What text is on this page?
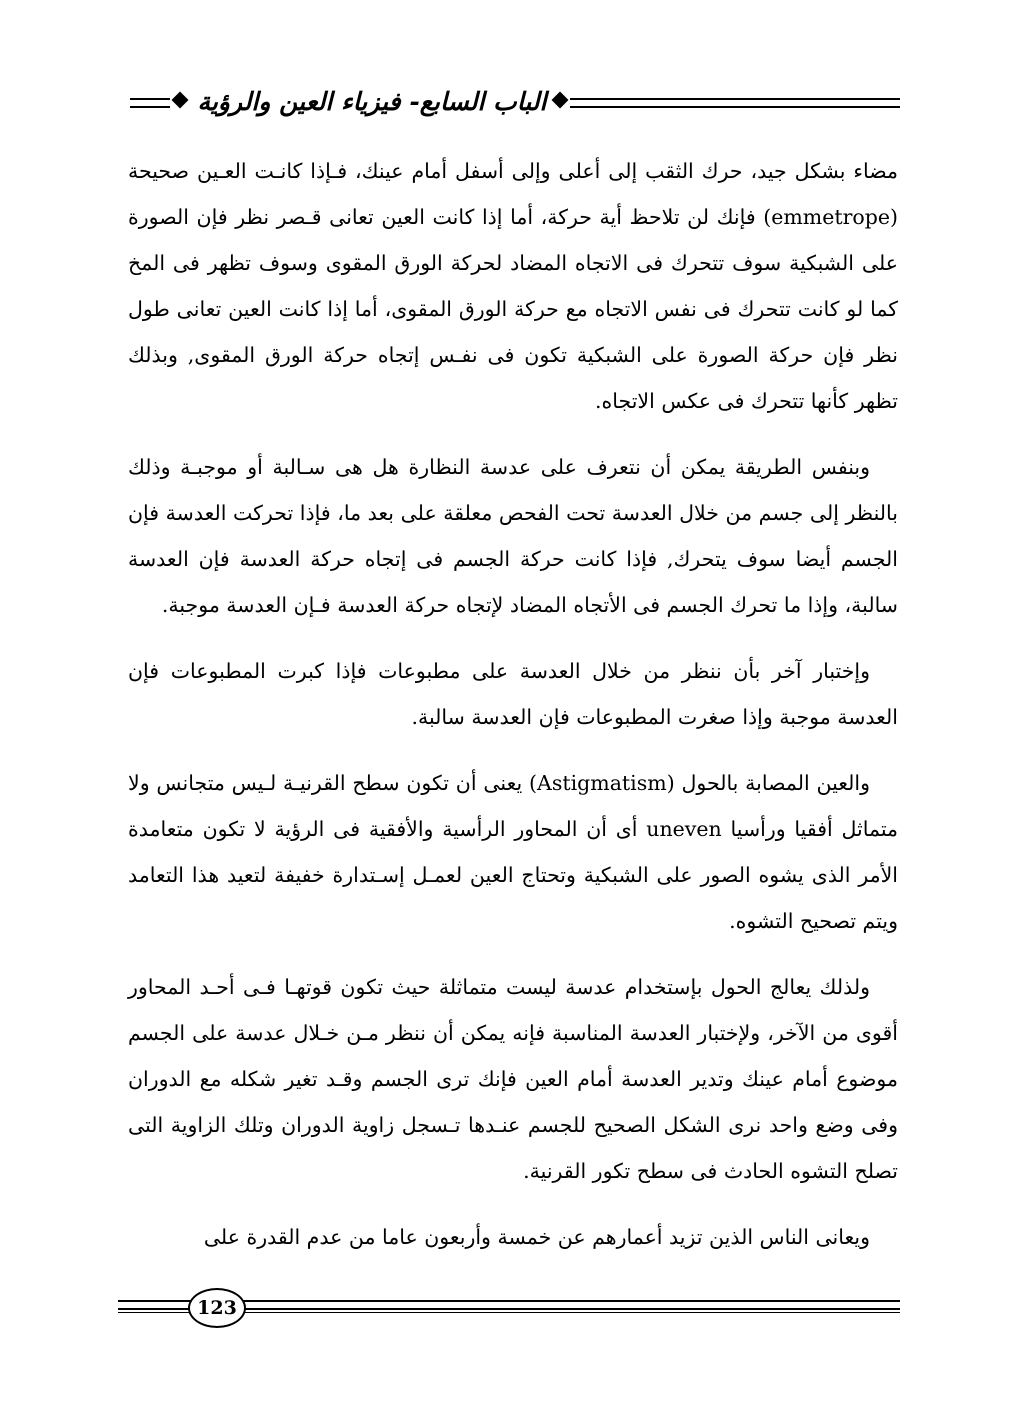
الباب السابع- فيزياء العين والرؤية

مضاء بشكل جيد، حرك الثقب إلى أعلى وإلى أسفل أمام عينك، فـإذا كانـت العـين صحيحة (emmetrope) فإنك لن تلاحظ أية حركة، أما إذا كانت العين تعانى قـصر نظر فإن الصورة على الشبكية سوف تتحرك فى الاتجاه المضاد لحركة الورق المقوى وسوف تظهر فى المخ كما لو كانت تتحرك فى نفس الاتجاه مع حركة الورق المقوى، أما إذا كانت العين تعانى طول نظر فإن حركة الصورة على الشبكية تكون فى نفـس إتجاه حركة الورق المقوى, وبذلك تظهر كأنها تتحرك فى عكس الاتجاه.

وبنفس الطريقة يمكن أن نتعرف على عدسة النظارة هل هى سـالبة أو موجبـة وذلك بالنظر إلى جسم من خلال العدسة تحت الفحص معلقة على بعد ما، فإذا تحركت العدسة فإن الجسم أيضا سوف يتحرك, فإذا كانت حركة الجسم فى إتجاه حركة العدسة فإن العدسة سالبة، وإذا ما تحرك الجسم فى الأتجاه المضاد لإتجاه حركة العدسة فـإن العدسة موجبة.

وإختبار آخر بأن ننظر من خلال العدسة على مطبوعات فإذا كبرت المطبوعات فإن العدسة موجبة وإذا صغرت المطبوعات فإن العدسة سالبة.

والعين المصابة بالحول (Astigmatism) يعنى أن تكون سطح القرنيـة لـيس متجانس ولا متماثل أفقيا ورأسيا uneven أى أن المحاور الرأسية والأفقية فى الرؤية لا تكون متعامدة الأمر الذى يشوه الصور على الشبكية وتحتاج العين لعمـل إسـتدارة خفيفة لتعيد هذا التعامد ويتم تصحيح التشوه.

ولذلك يعالج الحول بإستخدام عدسة ليست متماثلة حيث تكون قوتهـا فـى أحـد المحاور أقوى من الآخر، ولإختبار العدسة المناسبة فإنه يمكن أن ننظر مـن خـلال عدسة على الجسم موضوع أمام عينك وتدير العدسة أمام العين فإنك ترى الجسم وقـد تغير شكله مع الدوران وفى وضع واحد نرى الشكل الصحيح للجسم عنـدها تـسجل زاوية الدوران وتلك الزاوية التى تصلح التشوه الحادث فى سطح تكور القرنية.

ويعانى الناس الذين تزيد أعمارهم عن خمسة وأربعون عاما من عدم القدرة على

123
